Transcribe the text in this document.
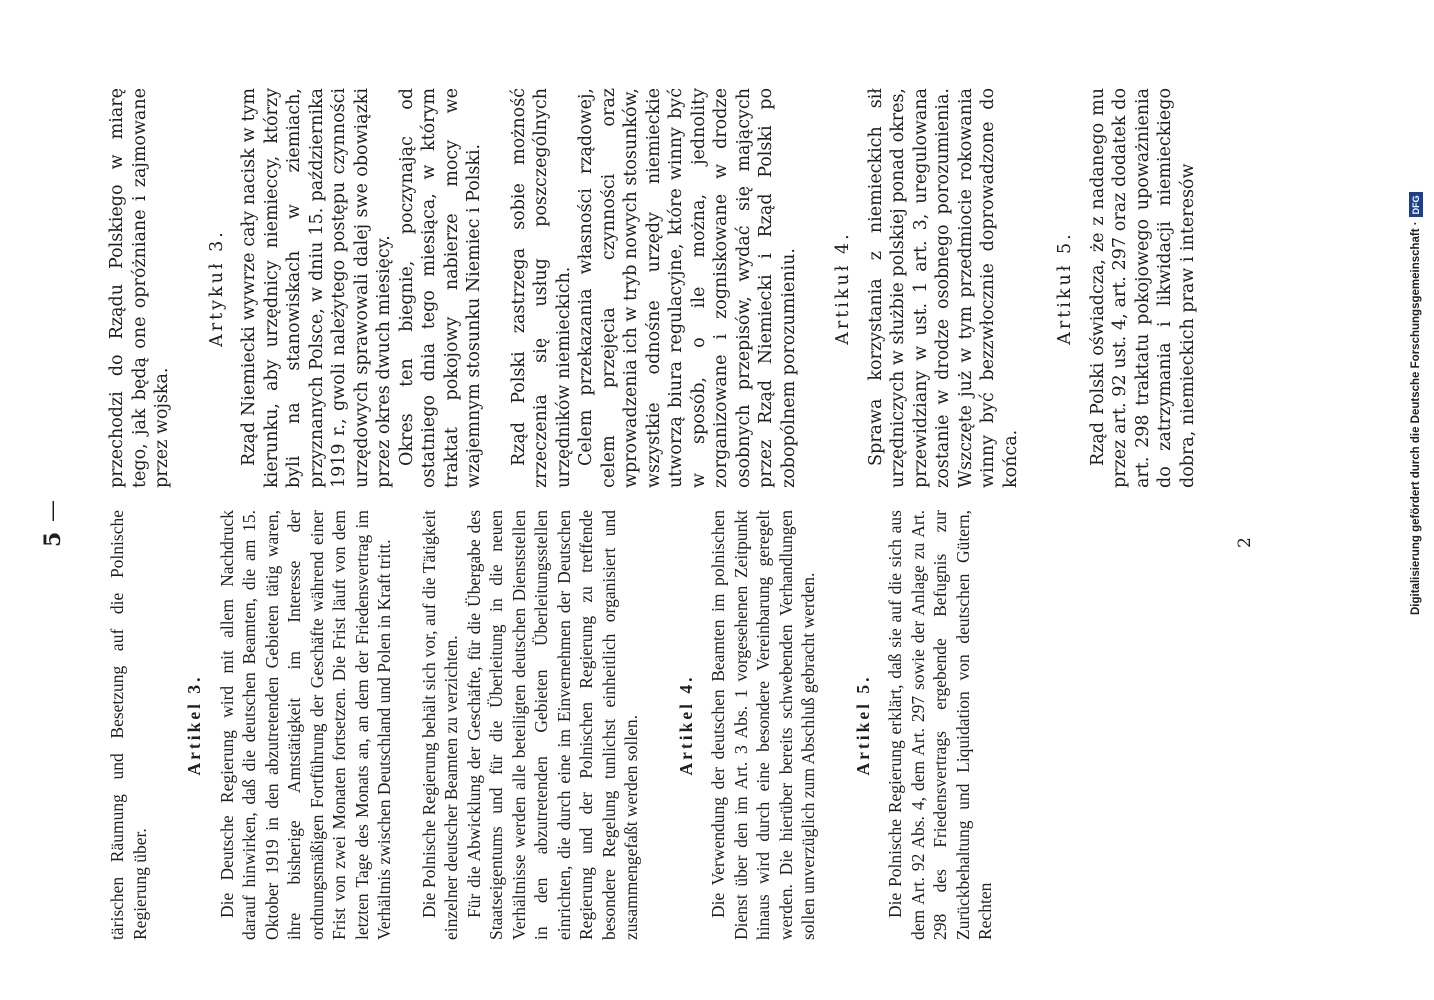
5
— tärischen Räumung und Besetzung auf die Polnische Regierung über.

Artikel 3. Die Deutsche Regierung wird mit allem Nachdruck darauf hinwirken, daß die deutschen Beamten, die am 15. Oktober 1919 in den abzutretenden Gebieten tätig waren, ihre bisherige Amtstätigkeit im Interesse der ordnungsmäßigen Fortführung der Geschäfte während einer Frist von zwei Monaten fortsetzen. Die Frist läuft von dem letzten Tage des Monats an, an dem der Friedensvertrag im Verhältnis zwischen Deutschland und Polen in Kraft tritt. Die Polnische Regierung behält sich vor, auf die Tätigkeit einzelner deutscher Beamten zu verzichten. Für die Abwicklung der Geschäfte, für die Übergabe des Staatseigentums und für die Überleitung in die neuen Verhältnisse werden alle beteiligten deutschen Dienststellen in den abzutretenden Gebieten Überleitungsstellen einrichten, die durch eine im Einvernehmen der Deutschen Regierung und der Polnischen Regierung zu treffende besondere Regelung tunlichst einheitlich organisiert und zusammengefaßt werden sollen. Artikel 4. Die Verwendung der deutschen Beamten im polnischen Dienst über den im Art. 3 Abs. 1 vorgesehenen Zeitpunkt hinaus wird durch eine besondere Vereinbarung geregelt werden. Die hierüber bereits schwebenden Verhandlungen sollen unverzüglich zum Abschluß gebracht werden. Artikel 5. Die Polnische Regierung erklärt, daß sie auf die sich aus dem Art. 92 Abs. 4, dem Art. 297 sowie der Anlage zu Art. 298 des Friedensvertrags ergebende Befugnis zur Zurückbehaltung und Liquidation von deutschen Gütern, Rechten

przechodzi do Rządu Polskiego w miarę tego, jak będą one opróżniane i zajmowane przez wojska.

Artykuł 3. Rząd Niemiecki wywrze cały nacisk w tym kierunku, aby urzędnicy niemieccy, którzy byli na stanowiskach w ziemiach, przyznanych Polsce, w dniu 15. października 1919 r., gwoli należytego postępu czynności urzędowych sprawowali dalej swe obowiązki przez okres dwuch miesięcy. Okres ten biegnie, poczynając od ostatniego dnia tego miesiąca, w którym traktat pokojowy nabierze mocy we wzajemnym stosunku Niemiec i Polski. Rząd Polski zastrzega sobie możność zrzeczenia się usług poszczególnych urzędników niemieckich. Celem przekazania własności rządowej, celem przejęcia czynności oraz wprowadzenia ich w tryb nowych stosunków, wszystkie odnośne urzędy niemieckie utworzą biura regulacyjne, które winny być w sposób, o ile można, jednolity zorganizowane i zogniskowane w drodze osobnych przepisów, wydać się mających przez Rząd Niemiecki i Rząd Polski po zobopólnem porozumieniu. Artikuł 4. Sprawa korzystania z niemieckich sił urzędniczych w służbie polskiej ponad okres, przewidziany w ust. 1 art. 3, uregulowana zostanie w drodze osobnego porozumienia. Wszczęte już w tym przedmiocie rokowania winny być bezzwłocznie doprowadzone do końca.

Artikuł 5. Rząd Polski oświadcza, że z nadanego mu przez art. 92 ust. 4, art. 297 oraz dodatek do art. 298 traktatu pokojowego upoważnienia do zatrzymania i likwidacji niemieckiego dobra, niemieckich praw i interesów

2	Digitalisierung gefördert durch die Deutsche Forschungsgemeinschaft ·DFG
